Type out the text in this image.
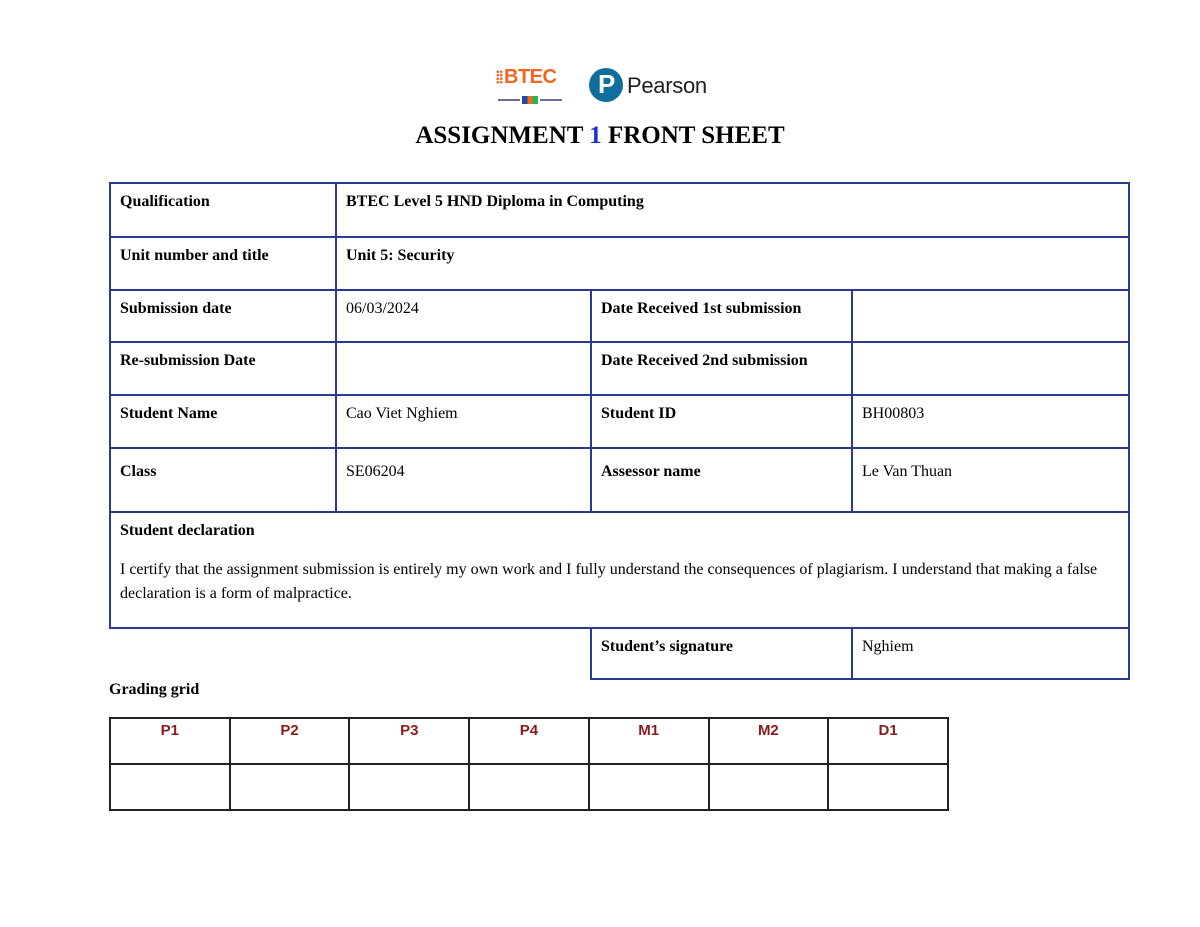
BTEC P Pearson
ASSIGNMENT 1 FRONT SHEET
Qualification	BTEC Level 5 HND Diploma in Computing		
Unit number and title	Unit 5: Security		
Submission date	06/03/2024	Date Received 1st submission	
Re-submission Date		Date Received 2nd submission	
Student Name	Cao Viet Nghiem	Student ID	BH00803
Class	SE06204	Assessor name	Le Van Thuan

Student declaration
I certify that the assignment submission is entirely my own work and I fully understand the consequences of plagiarism. I understand that making a false declaration is a form of malpractice.			

		Student’s signature	Nghiem
Grading grid
P1	P2	P3	P4	M1	M2	D1
